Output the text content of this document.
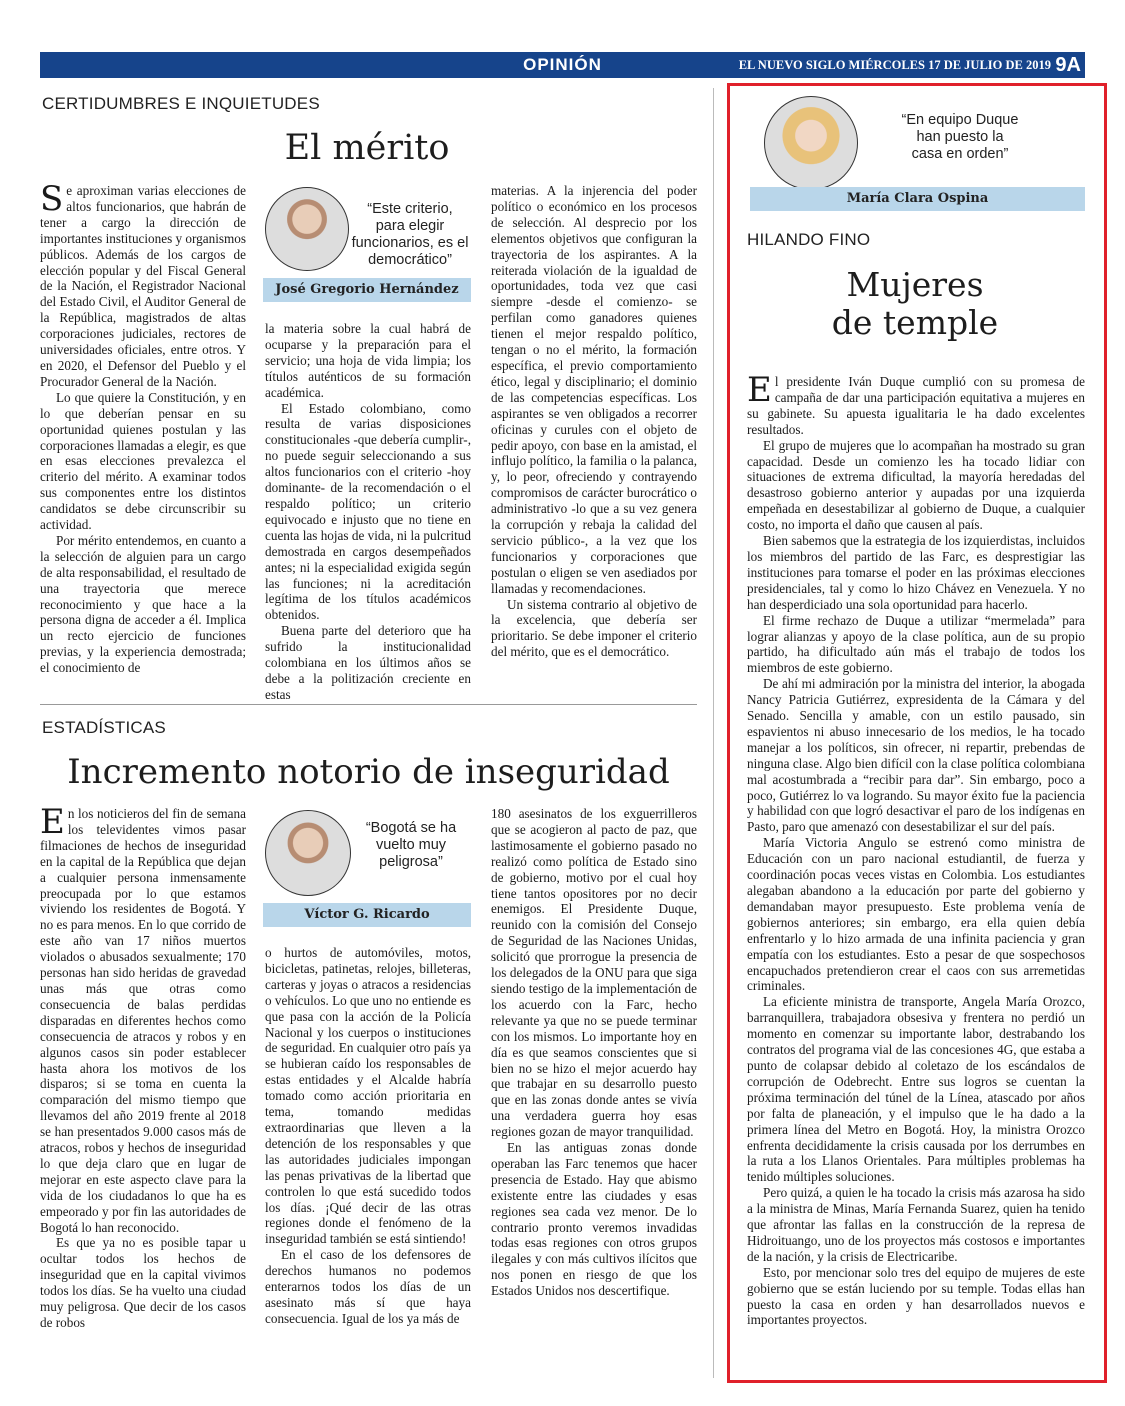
OPINIÓN	EL NUEVO SIGLO MIÉRCOLES 17 DE JULIO DE 2019 9A
CERTIDUMBRES E INQUIETUDES
El mérito

Se aproximan varias elecciones de altos funcionarios, que habrán de tener a cargo la dirección de importantes instituciones y organismos públicos. Además de los cargos de elección popular y del Fiscal General de la Nación, el Registrador Nacional del Estado Civil, el Auditor General de la República, magistrados de altas corporaciones judiciales, rectores de universidades oficiales, entre otros. Y en 2020, el Defensor del Pueblo y el Procurador General de la Nación.

Lo que quiere la Constitución, y en lo que deberían pensar en su oportunidad quienes postulan y las corporaciones llamadas a elegir, es que en esas elecciones prevalezca el criterio del mérito. A examinar todos sus componentes entre los distintos candidatos se debe circunscribir su actividad.

Por mérito entendemos, en cuanto a la selección de alguien para un cargo de alta responsabilidad, el resultado de una trayectoria que merece reconocimiento y que hace a la persona digna de acceder a él. Implica un recto ejercicio de funciones previas, y la experiencia demostrada; el conocimiento de

“Este criterio, para elegir funcionarios, es el democrático”
José Gregorio Hernández

la materia sobre la cual habrá de ocuparse y la preparación para el servicio; una hoja de vida limpia; los títulos auténticos de su formación académica.

El Estado colombiano, como resulta de varias disposiciones constitucionales -que debería cumplir-, no puede seguir seleccionando a sus altos funcionarios con el criterio -hoy dominante- de la recomendación o el respaldo político; un criterio equivocado e injusto que no tiene en cuenta las hojas de vida, ni la pulcritud demostrada en cargos desempeñados antes; ni la especialidad exigida según las funciones; ni la acreditación legítima de los títulos académicos obtenidos.

Buena parte del deterioro que ha sufrido la institucionalidad colombiana en los últimos años se debe a la politización creciente en estas

materias. A la injerencia del poder político o económico en los procesos de selección. Al desprecio por los elementos objetivos que configuran la trayectoria de los aspirantes. A la reiterada violación de la igualdad de oportunidades, toda vez que casi siempre -desde el comienzo- se perfilan como ganadores quienes tienen el mejor respaldo político, tengan o no el mérito, la formación específica, el previo comportamiento ético, legal y disciplinario; el dominio de las competencias específicas. Los aspirantes se ven obligados a recorrer oficinas y curules con el objeto de pedir apoyo, con base en la amistad, el influjo político, la familia o la palanca, y, lo peor, ofreciendo y contrayendo compromisos de carácter burocrático o administrativo -lo que a su vez genera la corrupción y rebaja la calidad del servicio público-, a la vez que los funcionarios y corporaciones que postulan o eligen se ven asediados por llamadas y recomendaciones.

Un sistema contrario al objetivo de la excelencia, que debería ser prioritario. Se debe imponer el criterio del mérito, que es el democrático.

ESTADÍSTICAS
Incremento notorio de inseguridad

En los noticieros del fin de semana los televidentes vimos pasar filmaciones de hechos de inseguridad en la capital de la República que dejan a cualquier persona inmensamente preocupada por lo que estamos viviendo los residentes de Bogotá. Y no es para menos. En lo que corrido de este año van 17 niños muertos violados o abusados sexualmente; 170 personas han sido heridas de gravedad unas más que otras como consecuencia de balas perdidas disparadas en diferentes hechos como consecuencia de atracos y robos y en algunos casos sin poder establecer hasta ahora los motivos de los disparos; si se toma en cuenta la comparación del mismo tiempo que llevamos del año 2019 frente al 2018 se han presentados 9.000 casos más de atracos, robos y hechos de inseguridad lo que deja claro que en lugar de mejorar en este aspecto clave para la vida de los ciudadanos lo que ha es empeorado y por fin las autoridades de Bogotá lo han reconocido.

Es que ya no es posible tapar u ocultar todos los hechos de inseguridad que en la capital vivimos todos los días. Se ha vuelto una ciudad muy peligrosa. Que decir de los casos de robos

“Bogotá se ha vuelto muy peligrosa”
Víctor G. Ricardo

o hurtos de automóviles, motos, bicicletas, patinetas, relojes, billeteras, carteras y joyas o atracos a residencias o vehículos. Lo que uno no entiende es que pasa con la acción de la Policía Nacional y los cuerpos o instituciones de seguridad. En cualquier otro país ya se hubieran caído los responsables de estas entidades y el Alcalde habría tomado como acción prioritaria en tema, tomando medidas extraordinarias que lleven a la detención de los responsables y que las autoridades judiciales impongan las penas privativas de la libertad que controlen lo que está sucedido todos los días. ¡Qué decir de las otras regiones donde el fenómeno de la inseguridad también se está sintiendo!

En el caso de los defensores de derechos humanos no podemos enterarnos todos los días de un asesinato más sí que haya consecuencia. Igual de los ya más de

180 asesinatos de los exguerrilleros que se acogieron al pacto de paz, que lastimosamente el gobierno pasado no realizó como política de Estado sino de gobierno, motivo por el cual hoy tiene tantos opositores por no decir enemigos. El Presidente Duque, reunido con la comisión del Consejo de Seguridad de las Naciones Unidas, solicitó que prorrogue la presencia de los delegados de la ONU para que siga siendo testigo de la implementación de los acuerdo con la Farc, hecho relevante ya que no se puede terminar con los mismos. Lo importante hoy en día es que seamos conscientes que si bien no se hizo el mejor acuerdo hay que trabajar en su desarrollo puesto que en las zonas donde antes se vivía una verdadera guerra hoy esas regiones gozan de mayor tranquilidad.

En las antiguas zonas donde operaban las Farc tenemos que hacer presencia de Estado. Hay que abismo existente entre las ciudades y esas regiones sea cada vez menor. De lo contrario pronto veremos invadidas todas esas regiones con otros grupos ilegales y con más cultivos ilícitos que nos ponen en riesgo de que los Estados Unidos nos descertifique.

“En equipo Duque han puesto la casa en orden”
María Clara Ospina
HILANDO FINO
Mujeres
de temple

El presidente Iván Duque cumplió con su promesa de campaña de dar una participación equitativa a mujeres en su gabinete. Su apuesta igualitaria le ha dado excelentes resultados.

El grupo de mujeres que lo acompañan ha mostrado su gran capacidad. Desde un comienzo les ha tocado lidiar con situaciones de extrema dificultad, la mayoría heredadas del desastroso gobierno anterior y aupadas por una izquierda empeñada en desestabilizar al gobierno de Duque, a cualquier costo, no importa el daño que causen al país.

Bien sabemos que la estrategia de los izquierdistas, incluidos los miembros del partido de las Farc, es desprestigiar las instituciones para tomarse el poder en las próximas elecciones presidenciales, tal y como lo hizo Chávez en Venezuela. Y no han desperdiciado una sola oportunidad para hacerlo.

El firme rechazo de Duque a utilizar “mermelada” para lograr alianzas y apoyo de la clase política, aun de su propio partido, ha dificultado aún más el trabajo de todos los miembros de este gobierno.

De ahí mi admiración por la ministra del interior, la abogada Nancy Patricia Gutiérrez, expresidenta de la Cámara y del Senado. Sencilla y amable, con un estilo pausado, sin espavientos ni abuso innecesario de los medios, le ha tocado manejar a los políticos, sin ofrecer, ni repartir, prebendas de ninguna clase. Algo bien difícil con la clase política colombiana mal acostumbrada a “recibir para dar”. Sin embargo, poco a poco, Gutiérrez lo va logrando. Su mayor éxito fue la paciencia y habilidad con que logró desactivar el paro de los indígenas en Pasto, paro que amenazó con desestabilizar el sur del país.

María Victoria Angulo se estrenó como ministra de Educación con un paro nacional estudiantil, de fuerza y coordinación pocas veces vistas en Colombia. Los estudiantes alegaban abandono a la educación por parte del gobierno y demandaban mayor presupuesto. Este problema venía de gobiernos anteriores; sin embargo, era ella quien debía enfrentarlo y lo hizo armada de una infinita paciencia y gran empatía con los estudiantes. Esto a pesar de que sospechosos encapuchados pretendieron crear el caos con sus arremetidas criminales.

La eficiente ministra de transporte, Angela María Orozco, barranquillera, trabajadora obsesiva y frentera no perdió un momento en comenzar su importante labor, destrabando los contratos del programa vial de las concesiones 4G, que estaba a punto de colapsar debido al coletazo de los escándalos de corrupción de Odebrecht. Entre sus logros se cuentan la próxima terminación del túnel de la Línea, atascado por años por falta de planeación, y el impulso que le ha dado a la primera línea del Metro en Bogotá. Hoy, la ministra Orozco enfrenta decididamente la crisis causada por los derrumbes en la ruta a los Llanos Orientales. Para múltiples problemas ha tenido múltiples soluciones.

Pero quizá, a quien le ha tocado la crisis más azarosa ha sido a la ministra de Minas, María Fernanda Suarez, quien ha tenido que afrontar las fallas en la construcción de la represa de Hidroituango, uno de los proyectos más costosos e importantes de la nación, y la crisis de Electricaribe.

Esto, por mencionar solo tres del equipo de mujeres de este gobierno que se están luciendo por su temple. Todas ellas han puesto la casa en orden y han desarrollados nuevos e importantes proyectos.
